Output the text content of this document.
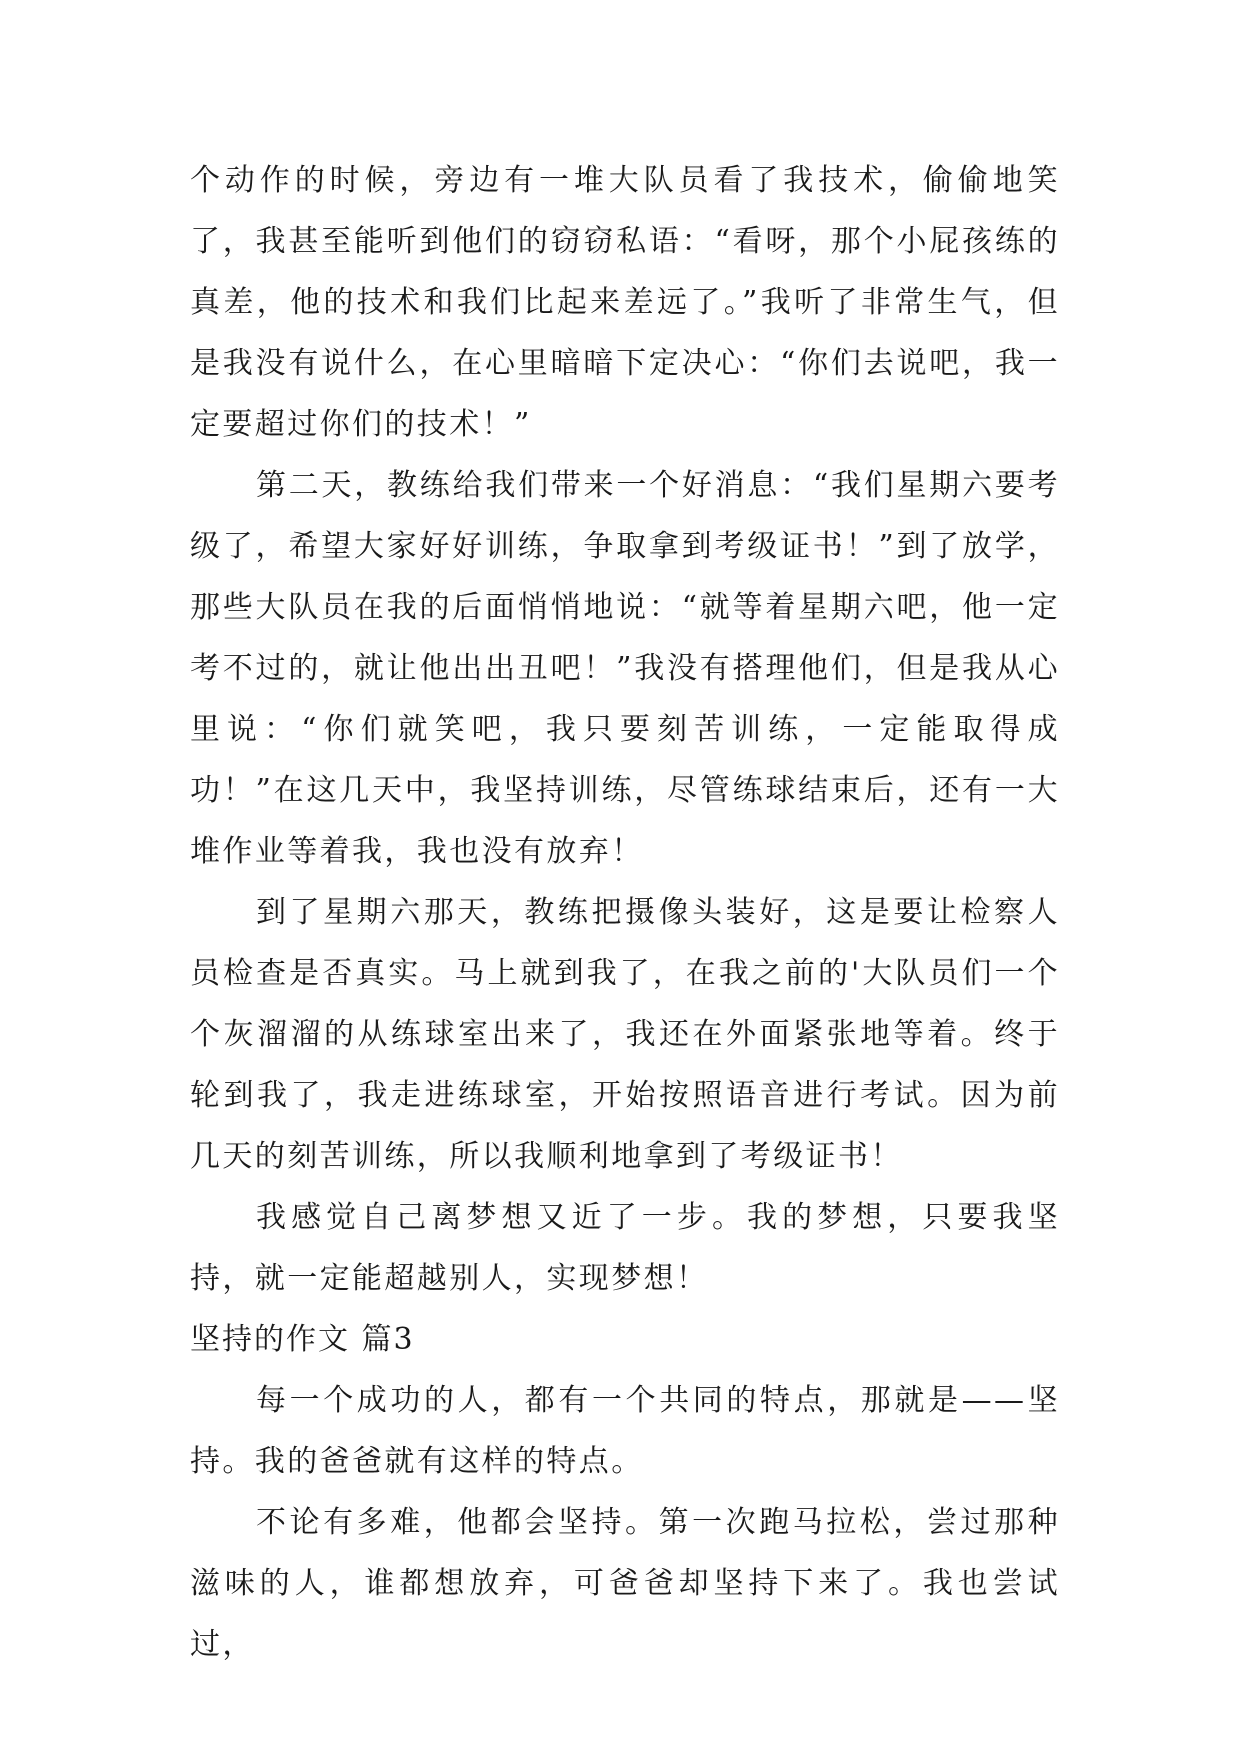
个动作的时候，旁边有一堆大队员看了我技术，偷偷地笑了，我甚至能听到他们的窃窃私语：“看呀，那个小屁孩练的真差，他的技术和我们比起来差远了。”我听了非常生气，但是我没有说什么，在心里暗暗下定决心：“你们去说吧，我一定要超过你们的技术！”

第二天，教练给我们带来一个好消息：“我们星期六要考级了，希望大家好好训练，争取拿到考级证书！”到了放学，那些大队员在我的后面悄悄地说：“就等着星期六吧，他一定考不过的，就让他出出丑吧！”我没有搭理他们，但是我从心里说：“你们就笑吧，我只要刻苦训练，一定能取得成功！”在这几天中，我坚持训练，尽管练球结束后，还有一大堆作业等着我，我也没有放弃！

到了星期六那天，教练把摄像头装好，这是要让检察人员检查是否真实。马上就到我了，在我之前的'大队员们一个个灰溜溜的从练球室出来了，我还在外面紧张地等着。终于轮到我了，我走进练球室，开始按照语音进行考试。因为前几天的刻苦训练，所以我顺利地拿到了考级证书！

我感觉自己离梦想又近了一步。我的梦想，只要我坚持，就一定能超越别人，实现梦想！

坚持的作文 篇3

每一个成功的人，都有一个共同的特点，那就是——坚持。我的爸爸就有这样的特点。

不论有多难，他都会坚持。第一次跑马拉松，尝过那种滋味的人，谁都想放弃，可爸爸却坚持下来了。我也尝试过，
